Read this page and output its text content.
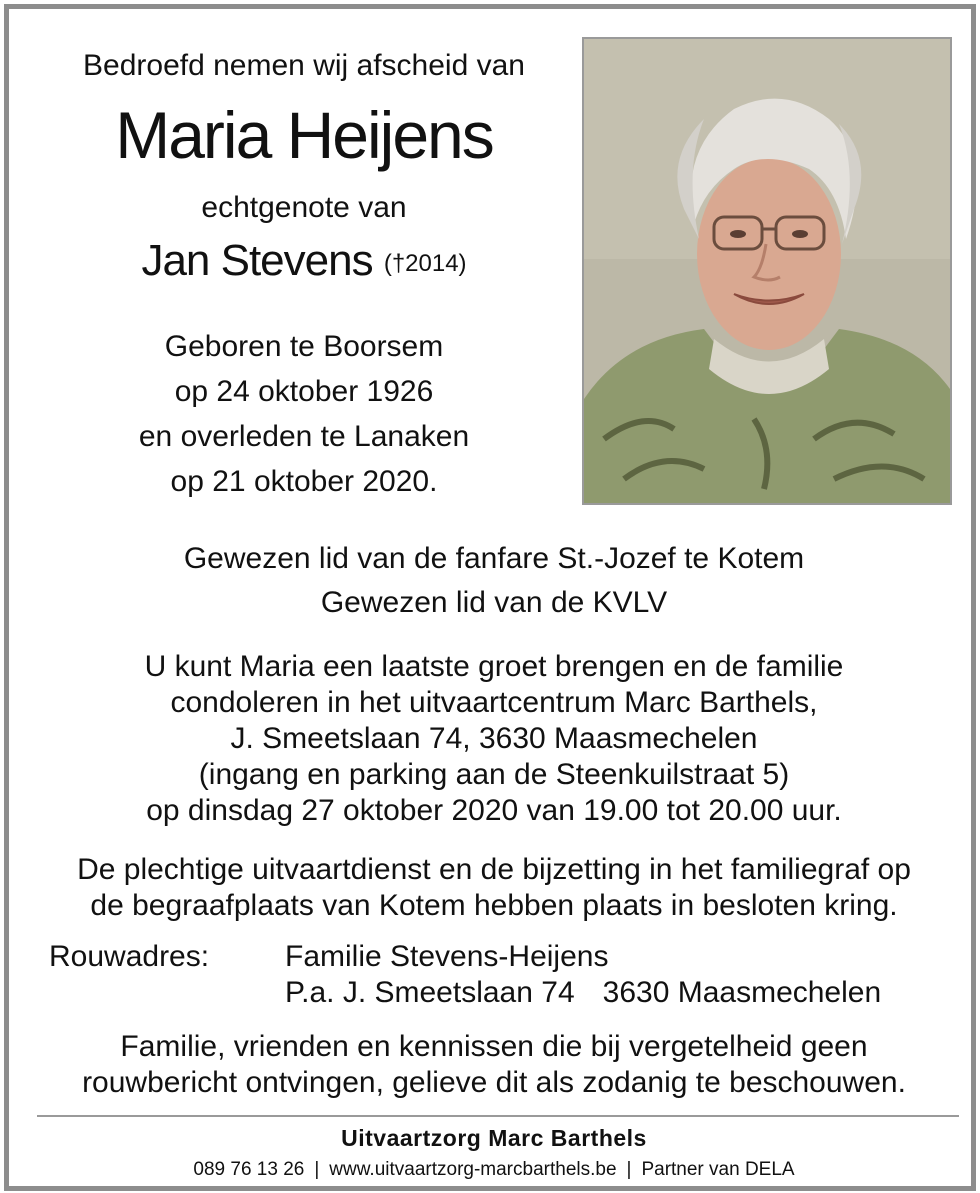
Bedroefd nemen wij afscheid van
Maria Heijens
echtgenote van
Jan Stevens (†2014)
Geboren te Boorsem
op 24 oktober 1926
en overleden te Lanaken
op 21 oktober 2020.
Gewezen lid van de fanfare St.-Jozef te Kotem
Gewezen lid van de KVLV
U kunt Maria een laatste groet brengen en de familie
condoleren in het uitvaartcentrum Marc Barthels,
J. Smeetslaan 74, 3630 Maasmechelen
(ingang en parking aan de Steenkuilstraat 5)
op dinsdag 27 oktober 2020 van 19.00 tot 20.00 uur.
De plechtige uitvaartdienst en de bijzetting in het familiegraf op
de begraafplaats van Kotem hebben plaats in besloten kring.
Rouwadres:	Familie Stevens-Heijens
P.a. J. Smeetslaan 74 3630 Maasmechelen
Familie, vrienden en kennissen die bij vergetelheid geen
rouwbericht ontvingen, gelieve dit als zodanig te beschouwen.
Uitvaartzorg Marc Barthels
089 76 13 26 | www.uitvaartzorg-marcbarthels.be | Partner van DELA
